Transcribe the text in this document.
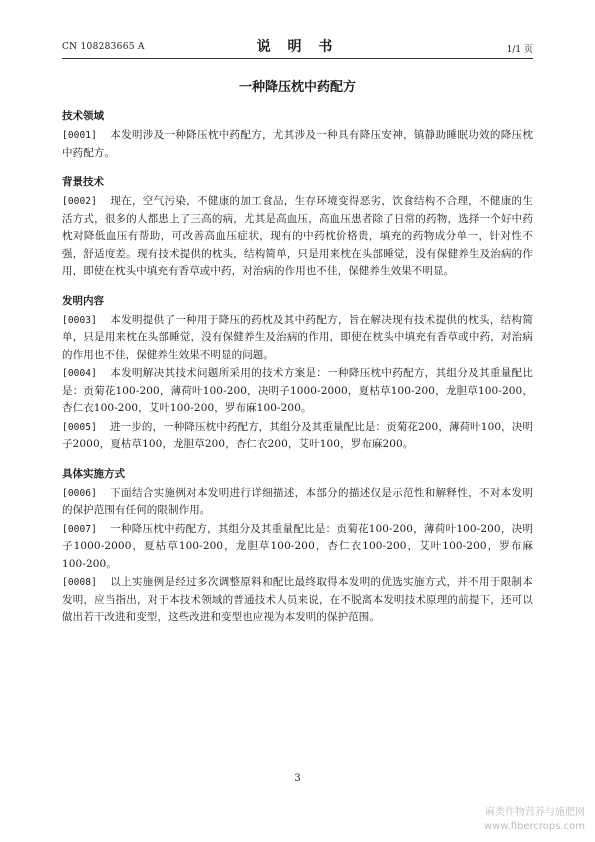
CN 108283665 A	说 明 书	1/1 页
一种降压枕中药配方
技术领域

[0001] 本发明涉及一种降压枕中药配方，尤其涉及一种具有降压安神，镇静助睡眠功效的降压枕中药配方。

背景技术

[0002] 现在，空气污染，不健康的加工食品，生存环境变得恶劣，饮食结构不合理，不健康的生活方式，很多的人都患上了三高的病，尤其是高血压，高血压患者除了日常的药物，选择一个好中药枕对降低血压有帮助，可改善高血压症状，现有的中药枕价格贵，填充的药物成分单一，针对性不强，舒适度差。现有技术提供的枕头，结构简单，只是用来枕在头部睡觉，没有保健养生及治病的作用，即使在枕头中填充有香草或中药，对治病的作用也不佳，保健养生效果不明显。

发明内容

[0003] 本发明提供了一种用于降压的药枕及其中药配方，旨在解决现有技术提供的枕头，结构简单，只是用来枕在头部睡觉，没有保健养生及治病的作用，即使在枕头中填充有香草或中药，对治病的作用也不佳，保健养生效果不明显的问题。

[0004] 本发明解决其技术问题所采用的技术方案是：一种降压枕中药配方，其组分及其重量配比是：贡菊花100-200，薄荷叶100-200，决明子1000-2000，夏枯草100-200，龙胆草100-200，杏仁衣100-200，艾叶100-200，罗布麻100-200。

[0005] 进一步的，一种降压枕中药配方，其组分及其重量配比是：贡菊花200，薄荷叶100，决明子2000，夏枯草100，龙胆草200，杏仁衣200，艾叶100，罗布麻200。

具体实施方式

[0006] 下面结合实施例对本发明进行详细描述，本部分的描述仅是示范性和解释性，不对本发明的保护范围有任何的限制作用。

[0007] 一种降压枕中药配方，其组分及其重量配比是：贡菊花100-200，薄荷叶100-200，决明子1000-2000，夏枯草100-200，龙胆草100-200，杏仁衣100-200，艾叶100-200，罗布麻100-200。

[0008] 以上实施例是经过多次调整原料和配比最终取得本发明的优选实施方式，并不用于限制本发明，应当指出，对于本技术领域的普通技术人员来说，在不脱离本发明技术原理的前提下，还可以做出若干改进和变型，这些改进和变型也应视为本发明的保护范围。

3
麻类作物营养与施肥网
www.fibercrops.com
